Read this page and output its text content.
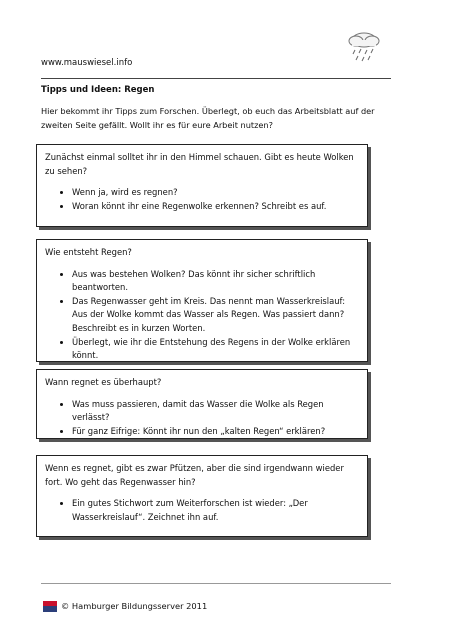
www.mauswiesel.info
Tipps und Ideen: Regen
Hier bekommt ihr Tipps zum Forschen. Überlegt, ob euch das Arbeitsblatt auf der zweiten Seite gefällt. Wollt ihr es für eure Arbeit nutzen?

Zunächst einmal solltet ihr in den Himmel schauen. Gibt es heute Wolken zu sehen?

• Wenn ja, wird es regnen?
• Woran könnt ihr eine Regenwolke erkennen? Schreibt es auf.

Wie entsteht Regen?

• Aus was bestehen Wolken? Das könnt ihr sicher schriftlich beantworten.
• Das Regenwasser geht im Kreis. Das nennt man Wasserkreislauf: Aus der Wolke kommt das Wasser als Regen. Was passiert dann? Beschreibt es in kurzen Worten.
• Überlegt, wie ihr die Entstehung des Regens in der Wolke erklären könnt.

Wann regnet es überhaupt?

• Was muss passieren, damit das Wasser die Wolke als Regen verlässt?
• Für ganz Eifrige: Könnt ihr nun den „kalten Regen“ erklären?

Wenn es regnet, gibt es zwar Pfützen, aber die sind irgendwann wieder fort. Wo geht das Regenwasser hin?

• Ein gutes Stichwort zum Weiterforschen ist wieder: „Der Wasserkreislauf“. Zeichnet ihn auf.
© Hamburger Bildungsserver 2011
